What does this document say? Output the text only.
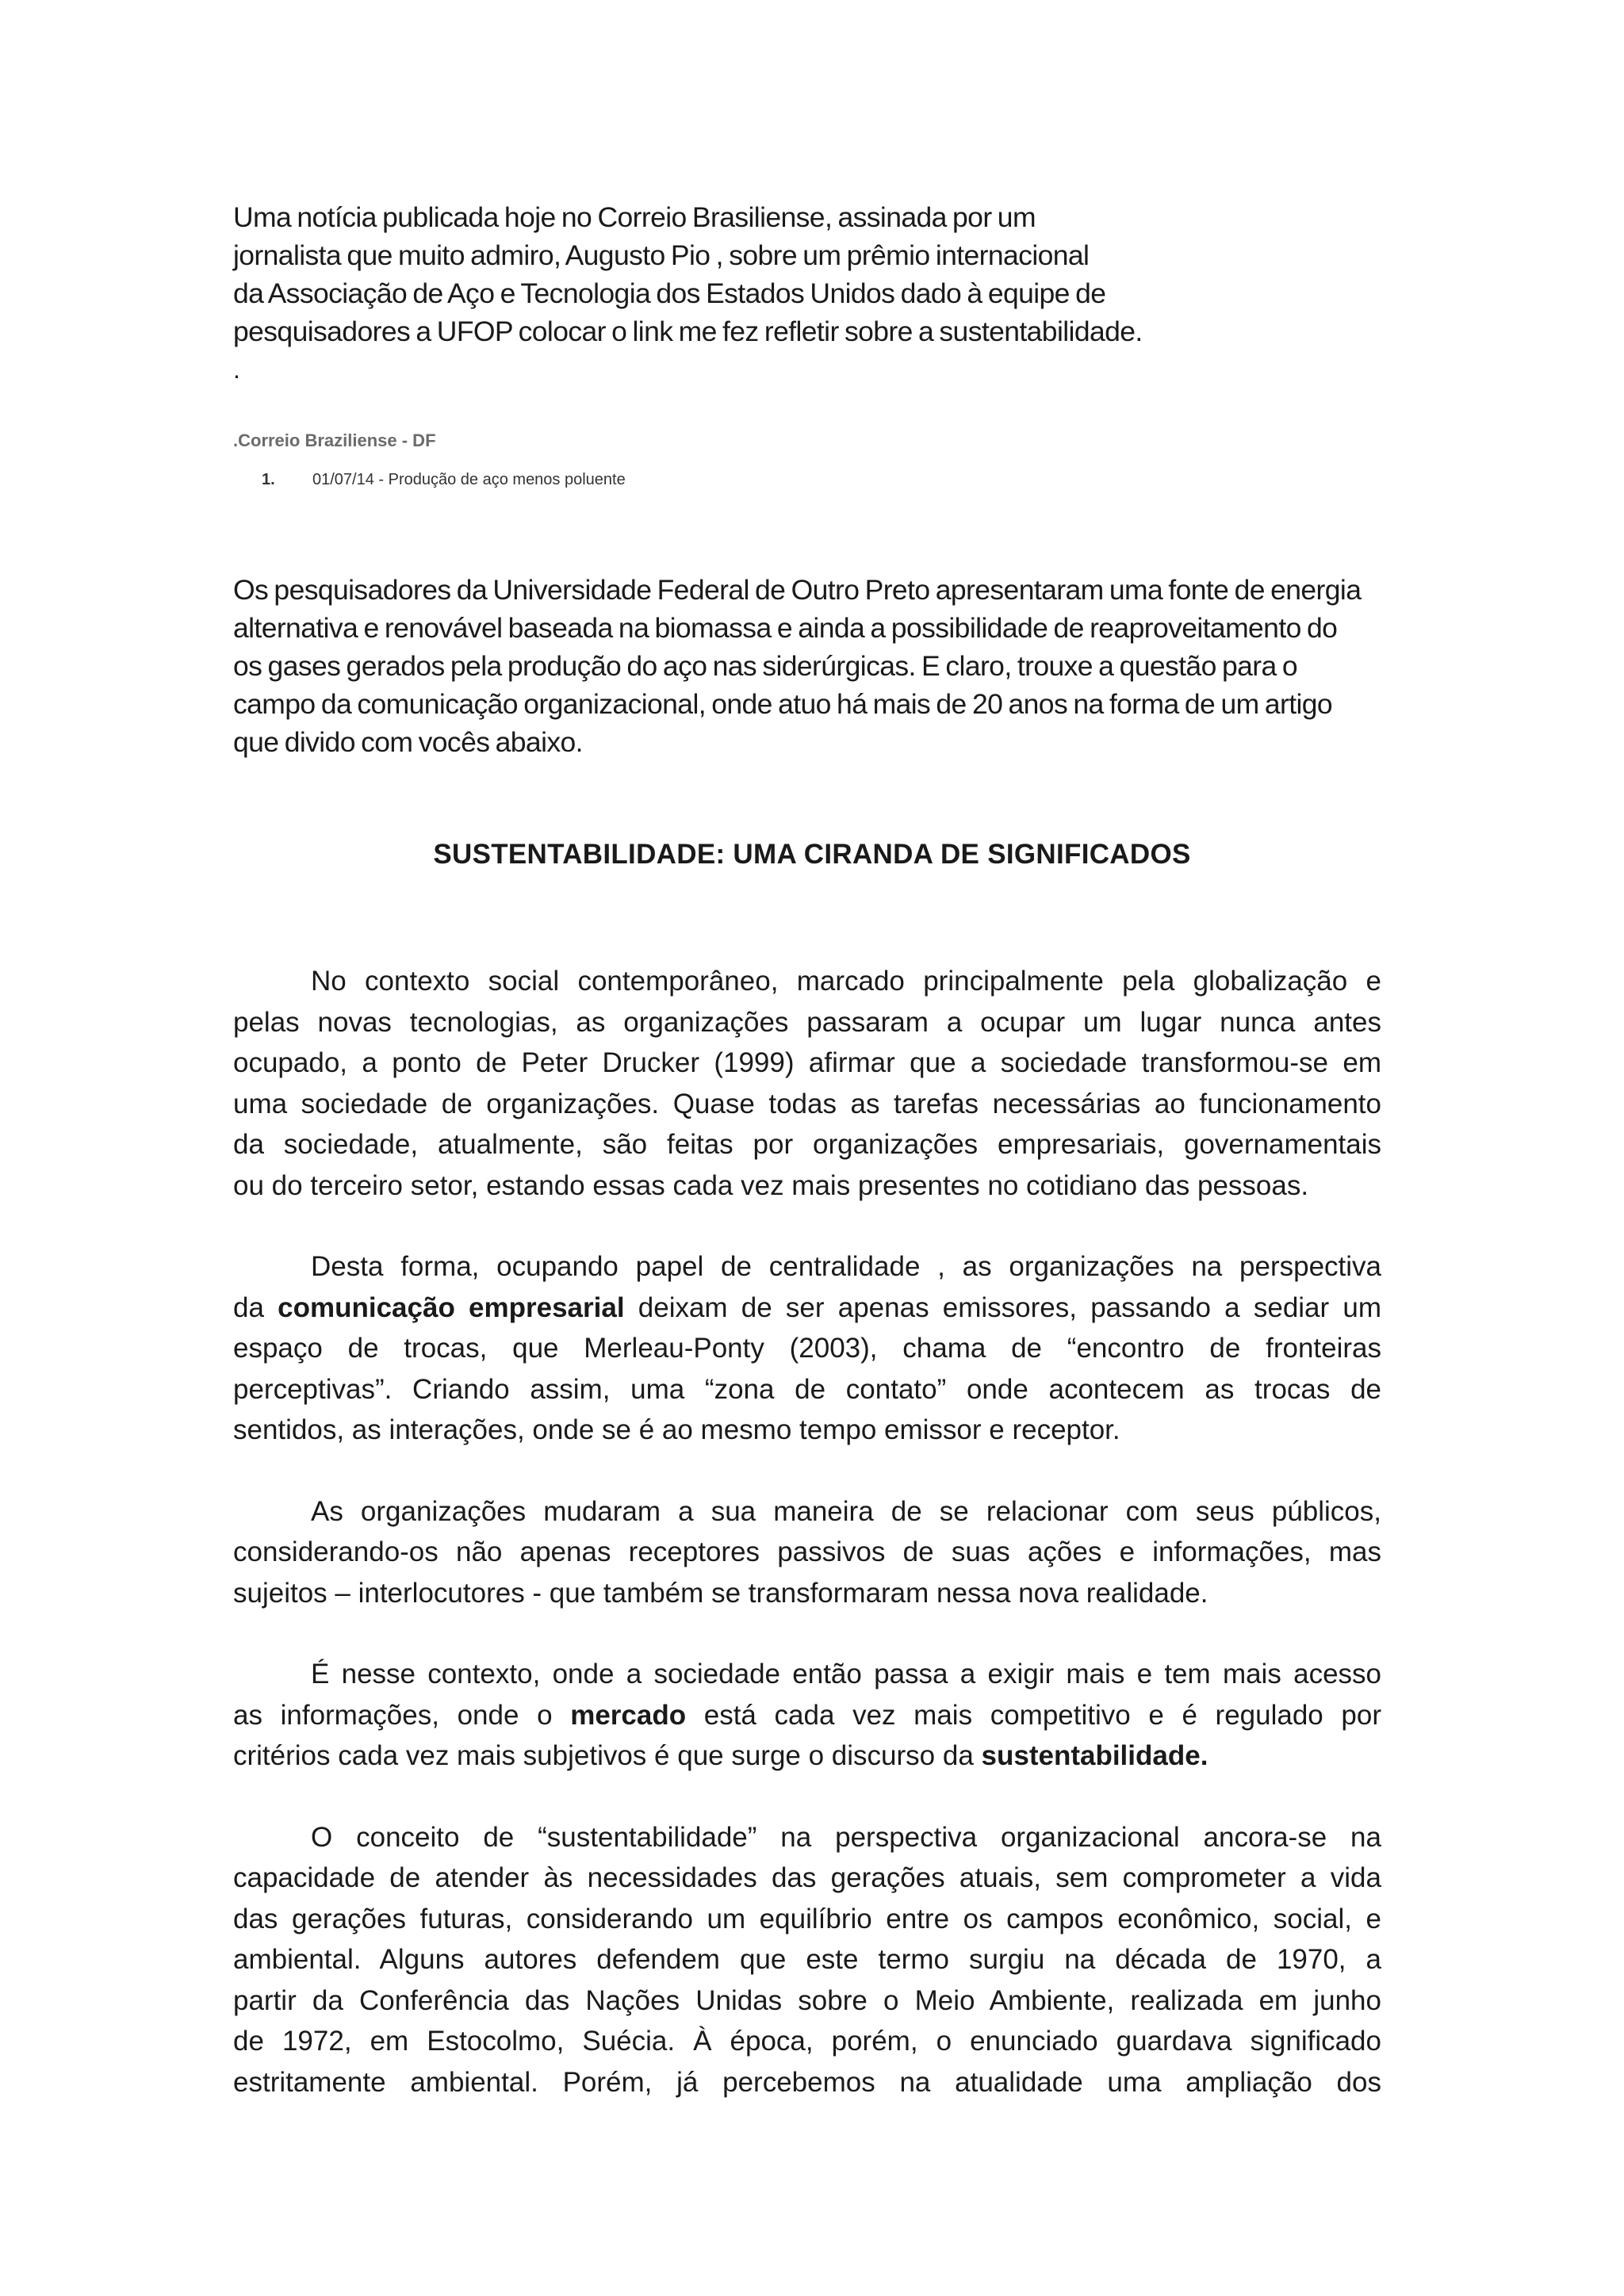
Uma notícia publicada hoje no Correio Brasiliense, assinada por um

jornalista que muito admiro, Augusto Pio , sobre um prêmio internacional

da Associação de Aço e Tecnologia dos Estados Unidos dado à equipe de

pesquisadores a UFOP colocar o link me fez refletir sobre a sustentabilidade.

.
.Correio Braziliense - DF
1. 01/07/14 - Produção de aço menos poluente

Os pesquisadores da Universidade Federal de Outro Preto apresentaram uma fonte de energia

alternativa e renovável baseada na biomassa e ainda a possibilidade de reaproveitamento do

os gases gerados pela produção do aço nas siderúrgicas. E claro, trouxe a questão para o

campo da comunicação organizacional, onde atuo há mais de 20 anos na forma de um artigo

que divido com vocês abaixo.

SUSTENTABILIDADE: UMA CIRANDA DE SIGNIFICADOS
No contexto social contemporâneo, marcado principalmente pela globalização e
pelas novas tecnologias, as organizações passaram a ocupar um lugar nunca antes
ocupado, a ponto de Peter Drucker (1999) afirmar que a sociedade transformou-se em
uma sociedade de organizações. Quase todas as tarefas necessárias ao funcionamento
da sociedade, atualmente, são feitas por organizações empresariais, governamentais
ou do terceiro setor, estando essas cada vez mais presentes no cotidiano das pessoas.
Desta forma, ocupando papel de centralidade , as organizações na perspectiva
da comunicação empresarial deixam de ser apenas emissores, passando a sediar um
espaço de trocas, que Merleau-Ponty (2003), chama de “encontro de fronteiras
perceptivas”. Criando assim, uma “zona de contato” onde acontecem as trocas de
sentidos, as interações, onde se é ao mesmo tempo emissor e receptor.
As organizações mudaram a sua maneira de se relacionar com seus públicos,
considerando-os não apenas receptores passivos de suas ações e informações, mas
sujeitos – interlocutores - que também se transformaram nessa nova realidade.
É nesse contexto, onde a sociedade então passa a exigir mais e tem mais acesso
as informações, onde o mercado está cada vez mais competitivo e é regulado por
critérios cada vez mais subjetivos é que surge o discurso da sustentabilidade.
O conceito de “sustentabilidade” na perspectiva organizacional ancora-se na
capacidade de atender às necessidades das gerações atuais, sem comprometer a vida
das gerações futuras, considerando um equilíbrio entre os campos econômico, social, e
ambiental. Alguns autores defendem que este termo surgiu na década de 1970, a
partir da Conferência das Nações Unidas sobre o Meio Ambiente, realizada em junho
de 1972, em Estocolmo, Suécia. À época, porém, o enunciado guardava significado
estritamente ambiental. Porém, já percebemos na atualidade uma ampliação dos
